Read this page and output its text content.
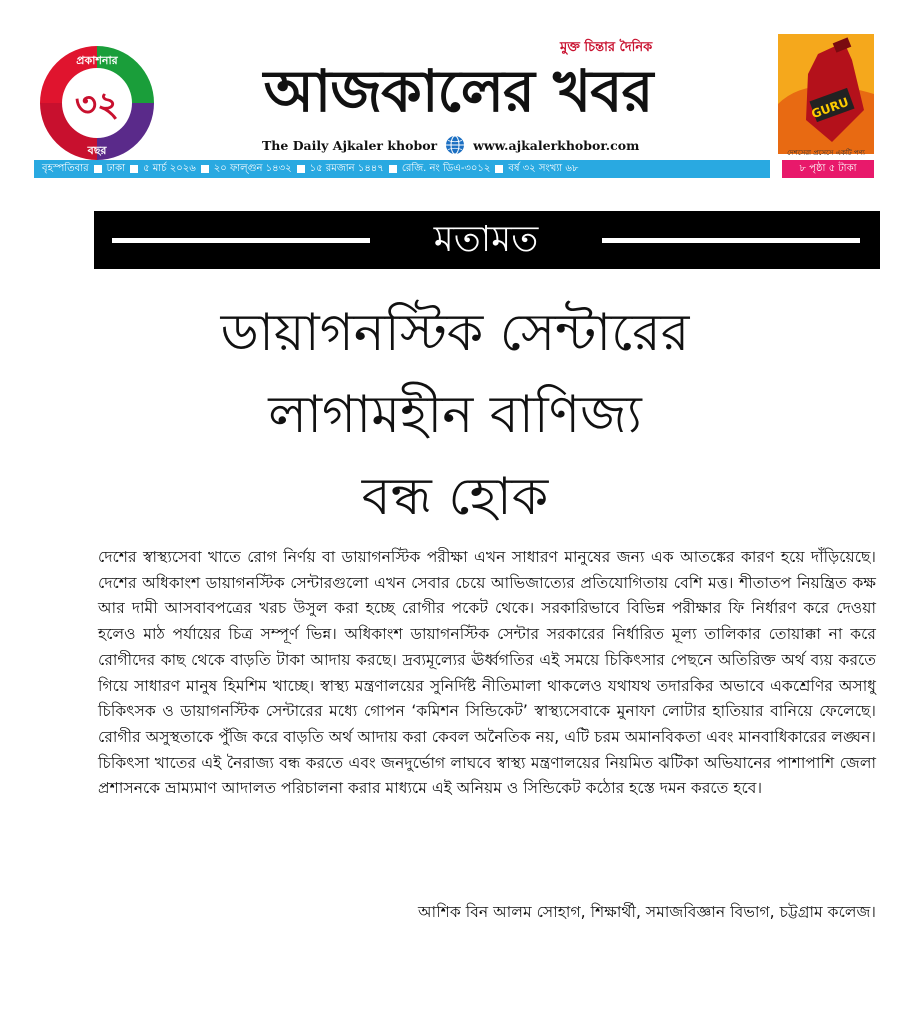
প্রকাশনার
৩২
বছর
মুক্ত চিন্তার দৈনিক
আজকালের খবর
The Daily Ajkaler khobor	www.ajkalerkhobor.com
GURU
দেশসেরা প্রসেসে একটি পণ্য
বৃহস্পতিবার ঢাকা ৫ মার্চ ২০২৬ ২০ ফাল্গুন ১৪৩২ ১৫ রমজান ১৪৪৭ রেজি. নং ডিএ-৩০১২ বর্ষ ৩২ সংখ্যা ৬৮	৮ পৃষ্ঠা ৫ টাকা
মতামত
ডায়াগনস্টিক সেন্টারের
লাগামহীন বাণিজ্য
বন্ধ হোক
দেশের স্বাস্থ্যসেবা খাতে রোগ নির্ণয় বা ডায়াগনস্টিক পরীক্ষা এখন সাধারণ মানুষের জন্য এক আতঙ্কের কারণ হয়ে দাঁড়িয়েছে। দেশের অধিকাংশ ডায়াগনস্টিক সেন্টারগুলো এখন সেবার চেয়ে আভিজাত্যের প্রতিযোগিতায় বেশি মত্ত। শীতাতপ নিয়ন্ত্রিত কক্ষ আর দামী আসবাবপত্রের খরচ উসুল করা হচ্ছে রোগীর পকেট থেকে। সরকারিভাবে বিভিন্ন পরীক্ষার ফি নির্ধারণ করে দেওয়া হলেও মাঠ পর্যায়ের চিত্র সম্পূর্ণ ভিন্ন। অধিকাংশ ডায়াগনস্টিক সেন্টার সরকারের নির্ধারিত মূল্য তালিকার তোয়াক্কা না করে রোগীদের কাছ থেকে বাড়তি টাকা আদায় করছে। দ্রব্যমূল্যের ঊর্ধ্বগতির এই সময়ে চিকিৎসার পেছনে অতিরিক্ত অর্থ ব্যয় করতে গিয়ে সাধারণ মানুষ হিমশিম খাচ্ছে। স্বাস্থ্য মন্ত্রণালয়ের সুনির্দিষ্ট নীতিমালা থাকলেও যথাযথ তদারকির অভাবে একশ্রেণির অসাধু চিকিৎসক ও ডায়াগনস্টিক সেন্টারের মধ্যে গোপন ‘কমিশন সিন্ডিকেট’ স্বাস্থ্যসেবাকে মুনাফা লোটার হাতিয়ার বানিয়ে ফেলেছে। রোগীর অসুস্থতাকে পুঁজি করে বাড়তি অর্থ আদায় করা কেবল অনৈতিক নয়, এটি চরম অমানবিকতা এবং মানবাধিকারের লঙ্ঘন। চিকিৎসা খাতের এই নৈরাজ্য বন্ধ করতে এবং জনদুর্ভোগ লাঘবে স্বাস্থ্য মন্ত্রণালয়ের নিয়মিত ঝটিকা অভিযানের পাশাপাশি জেলা প্রশাসনকে ভ্রাম্যমাণ আদালত পরিচালনা করার মাধ্যমে এই অনিয়ম ও সিন্ডিকেট কঠোর হস্তে দমন করতে হবে।
আশিক বিন আলম সোহাগ, শিক্ষার্থী, সমাজবিজ্ঞান বিভাগ, চট্টগ্রাম কলেজ।
